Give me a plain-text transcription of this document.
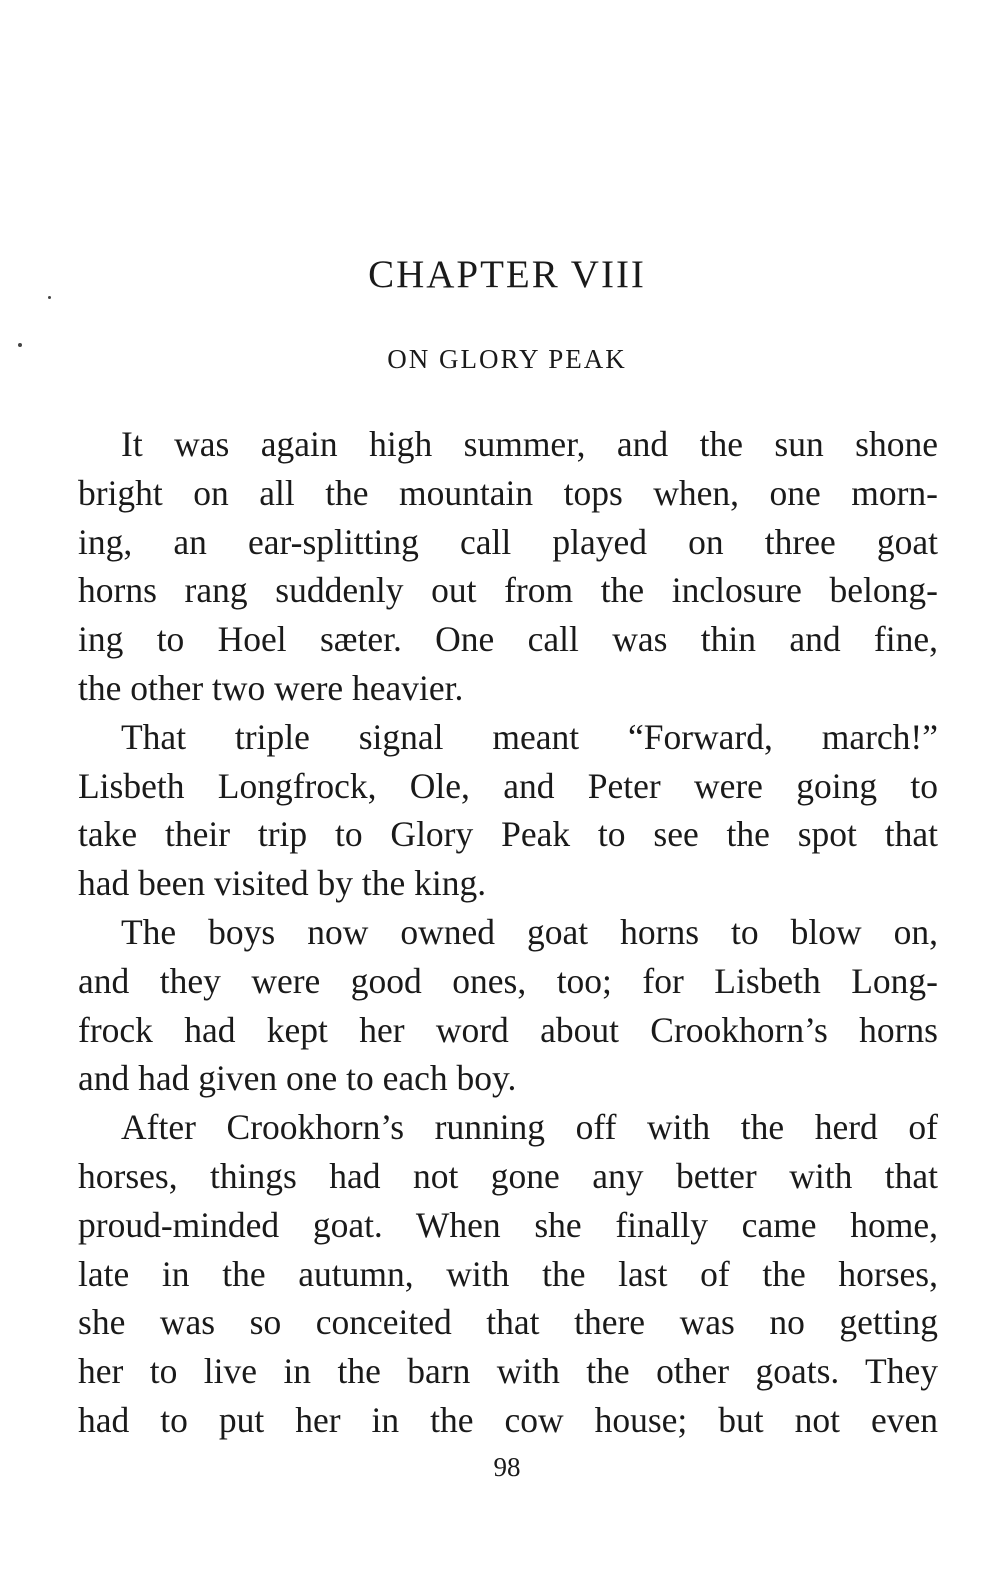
CHAPTER VIII
ON GLORY PEAK
It was again high summer, and the sun shone
bright on all the mountain tops when, one morn-
ing, an ear-splitting call played on three goat
horns rang suddenly out from the inclosure belong-
ing to Hoel sæter. One call was thin and fine,
the other two were heavier.
That triple signal meant “Forward, march!”
Lisbeth Longfrock, Ole, and Peter were going to
take their trip to Glory Peak to see the spot that
had been visited by the king.
The boys now owned goat horns to blow on,
and they were good ones, too; for Lisbeth Long-
frock had kept her word about Crookhorn’s horns
and had given one to each boy.
After Crookhorn’s running off with the herd of
horses, things had not gone any better with that
proud-minded goat. When she finally came home,
late in the autumn, with the last of the horses,
she was so conceited that there was no getting
her to live in the barn with the other goats. They
had to put her in the cow house; but not even
98
